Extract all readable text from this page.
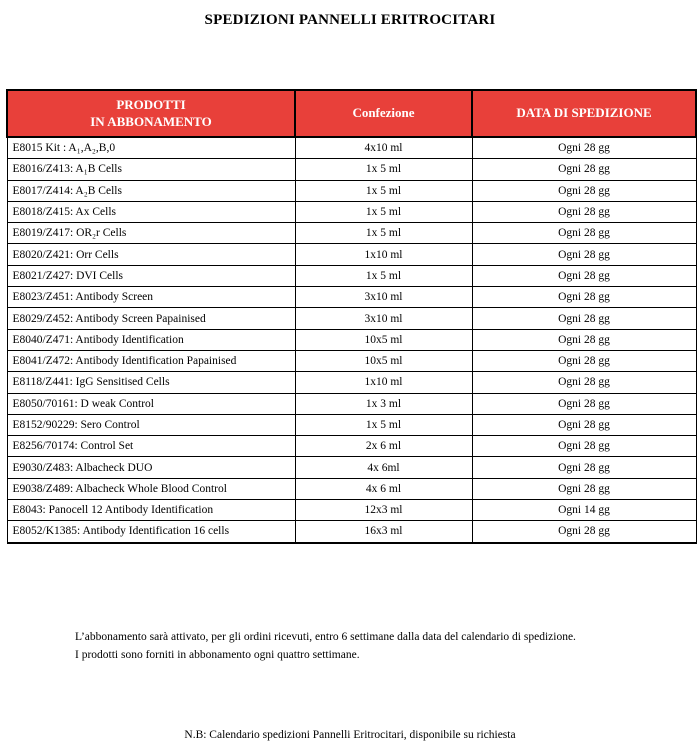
SPEDIZIONI PANNELLI ERITROCITARI
PRODOTTI
IN ABBONAMENTO	Confezione	DATA DI SPEDIZIONE
E8015 Kit : A₁,A₂,B,0	4x10 ml	Ogni 28 gg
E8016/Z413: A₁B Cells	1x 5 ml	Ogni 28 gg
E8017/Z414: A₂B Cells	1x 5 ml	Ogni 28 gg
E8018/Z415: Ax Cells	1x 5 ml	Ogni 28 gg
E8019/Z417: OR₂r Cells	1x 5 ml	Ogni 28 gg
E8020/Z421: Orr Cells	1x10 ml	Ogni 28 gg
E8021/Z427: DVI Cells	1x 5 ml	Ogni 28 gg
E8023/Z451: Antibody Screen	3x10 ml	Ogni 28 gg
E8029/Z452: Antibody Screen Papainised	3x10 ml	Ogni 28 gg
E8040/Z471: Antibody Identification	10x5 ml	Ogni 28 gg
E8041/Z472: Antibody Identification Papainised	10x5 ml	Ogni 28 gg
E8118/Z441: IgG Sensitised Cells	1x10 ml	Ogni 28 gg
E8050/70161: D weak Control	1x 3 ml	Ogni 28 gg
E8152/90229: Sero Control	1x 5 ml	Ogni 28 gg
E8256/70174: Control Set	2x 6 ml	Ogni 28 gg
E9030/Z483: Albacheck DUO	4x 6ml	Ogni 28 gg
E9038/Z489: Albacheck Whole Blood Control	4x 6 ml	Ogni 28 gg
E8043: Panocell 12 Antibody Identification	12x3 ml	Ogni 14 gg
E8052/K1385: Antibody Identification 16 cells	16x3 ml	Ogni 28 gg
L’abbonamento sarà attivato, per gli ordini ricevuti, entro 6 settimane dalla data del calendario di spedizione.
I prodotti sono forniti in abbonamento ogni quattro settimane.
N.B: Calendario spedizioni Pannelli Eritrocitari, disponibile su richiesta
